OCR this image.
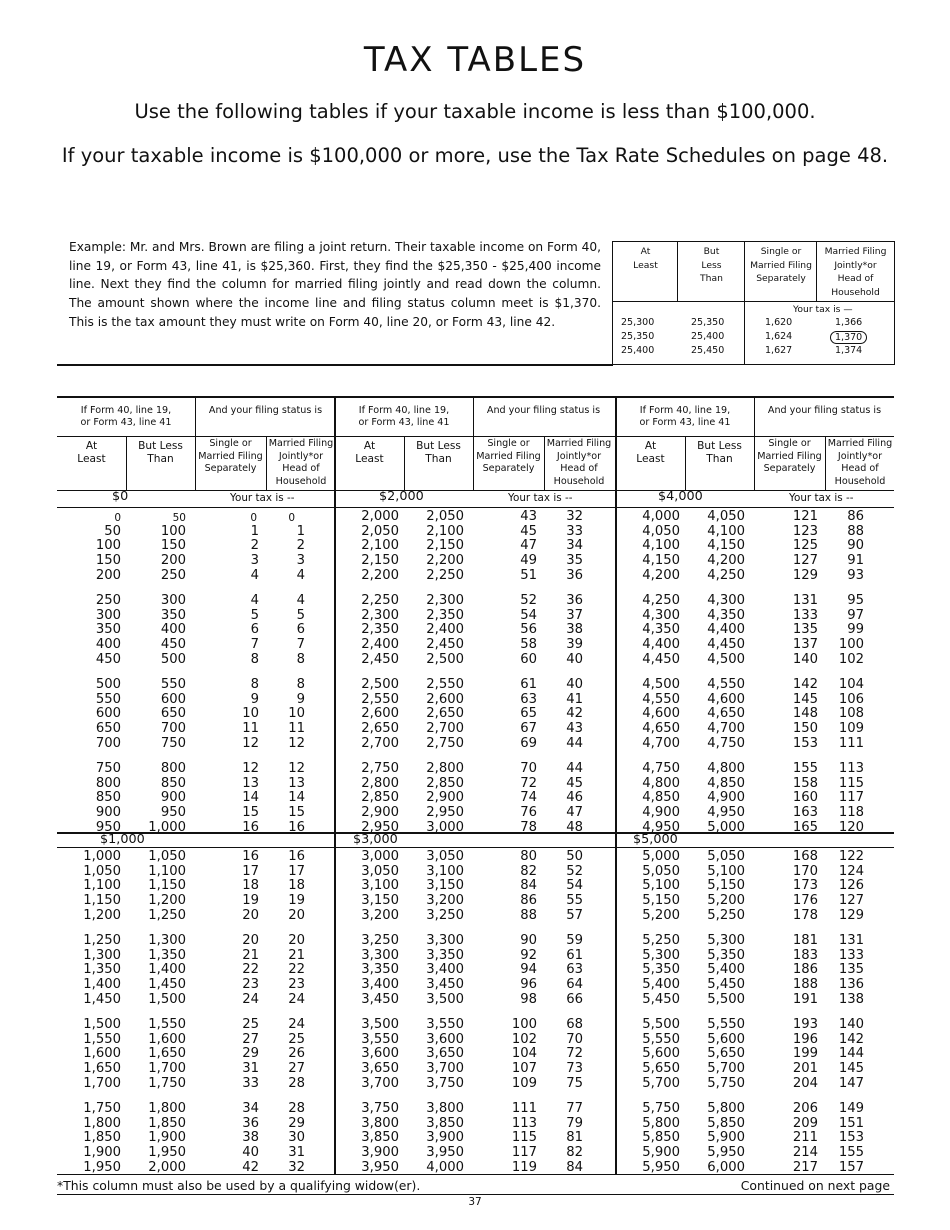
TAX TABLES
Use the following tables if your taxable income is less than $100,000.
If your taxable income is $100,000 or more, use the Tax Rate Schedules on page 48.
Example: Mr. and Mrs. Brown are filing a joint return. Their taxable income on Form 40, line 19, or Form 43, line 41, is $25,360. First, they find the $25,350 - $25,400 income line. Next they find the column for married filing jointly and read down the column. The amount shown where the income line and filing status column meet is $1,370. This is the tax amount they must write on Form 40, line 20, or Form 43, line 42.
At
Least
But
Less
Than
Single or
Married Filing
Separately
Married Filing
Jointly*or
Head of
Household
Your tax is —
25,300	25,350	1,620	1,366
25,350	25,400	1,624	1,370
25,400	25,450	1,627	1,374
If Form 40, line 19,
or Form 43, line 41
And your filing status is
At
Least
But Less
Than
Single or
Married Filing
Separately
Married Filing
Jointly*or
Head of
Household
If Form 40, line 19,
or Form 43, line 41
And your filing status is
At
Least
But Less
Than
Single or
Married Filing
Separately
Married Filing
Jointly*or
Head of
Household
If Form 40, line 19,
or Form 43, line 41
And your filing status is
At
Least
But Less
Than
Single or
Married Filing
Separately
Married Filing
Jointly*or
Head of
Household
$0	Your tax is --
0	50	0	0
50	100	1	1
100	150	2	2
150	200	3	3
200	250	4	4
250	300	4	4
300	350	5	5
350	400	6	6
400	450	7	7
450	500	8	8
500	550	8	8
550	600	9	9
600	650	10	10
650	700	11	11
700	750	12	12
750	800	12	12
800	850	13	13
850	900	14	14
900	950	15	15
950	1,000	16	16
$1,000
1,000	1,050	16	16
1,050	1,100	17	17
1,100	1,150	18	18
1,150	1,200	19	19
1,200	1,250	20	20
1,250	1,300	20	20
1,300	1,350	21	21
1,350	1,400	22	22
1,400	1,450	23	23
1,450	1,500	24	24
1,500	1,550	25	24
1,550	1,600	27	25
1,600	1,650	29	26
1,650	1,700	31	27
1,700	1,750	33	28
1,750	1,800	34	28
1,800	1,850	36	29
1,850	1,900	38	30
1,900	1,950	40	31
1,950	2,000	42	32
$2,000	Your tax is --
2,000	2,050	43	32
2,050	2,100	45	33
2,100	2,150	47	34
2,150	2,200	49	35
2,200	2,250	51	36
2,250	2,300	52	36
2,300	2,350	54	37
2,350	2,400	56	38
2,400	2,450	58	39
2,450	2,500	60	40
2,500	2,550	61	40
2,550	2,600	63	41
2,600	2,650	65	42
2,650	2,700	67	43
2,700	2,750	69	44
2,750	2,800	70	44
2,800	2,850	72	45
2,850	2,900	74	46
2,900	2,950	76	47
2,950	3,000	78	48
$3,000
3,000	3,050	80	50
3,050	3,100	82	52
3,100	3,150	84	54
3,150	3,200	86	55
3,200	3,250	88	57
3,250	3,300	90	59
3,300	3,350	92	61
3,350	3,400	94	63
3,400	3,450	96	64
3,450	3,500	98	66
3,500	3,550	100	68
3,550	3,600	102	70
3,600	3,650	104	72
3,650	3,700	107	73
3,700	3,750	109	75
3,750	3,800	111	77
3,800	3,850	113	79
3,850	3,900	115	81
3,900	3,950	117	82
3,950	4,000	119	84
$4,000	Your tax is --
4,000	4,050	121	86
4,050	4,100	123	88
4,100	4,150	125	90
4,150	4,200	127	91
4,200	4,250	129	93
4,250	4,300	131	95
4,300	4,350	133	97
4,350	4,400	135	99
4,400	4,450	137	100
4,450	4,500	140	102
4,500	4,550	142	104
4,550	4,600	145	106
4,600	4,650	148	108
4,650	4,700	150	109
4,700	4,750	153	111
4,750	4,800	155	113
4,800	4,850	158	115
4,850	4,900	160	117
4,900	4,950	163	118
4,950	5,000	165	120
$5,000
5,000	5,050	168	122
5,050	5,100	170	124
5,100	5,150	173	126
5,150	5,200	176	127
5,200	5,250	178	129
5,250	5,300	181	131
5,300	5,350	183	133
5,350	5,400	186	135
5,400	5,450	188	136
5,450	5,500	191	138
5,500	5,550	193	140
5,550	5,600	196	142
5,600	5,650	199	144
5,650	5,700	201	145
5,700	5,750	204	147
5,750	5,800	206	149
5,800	5,850	209	151
5,850	5,900	211	153
5,900	5,950	214	155
5,950	6,000	217	157
*This column must also be used by a qualifying widow(er).	Continued on next page
37
